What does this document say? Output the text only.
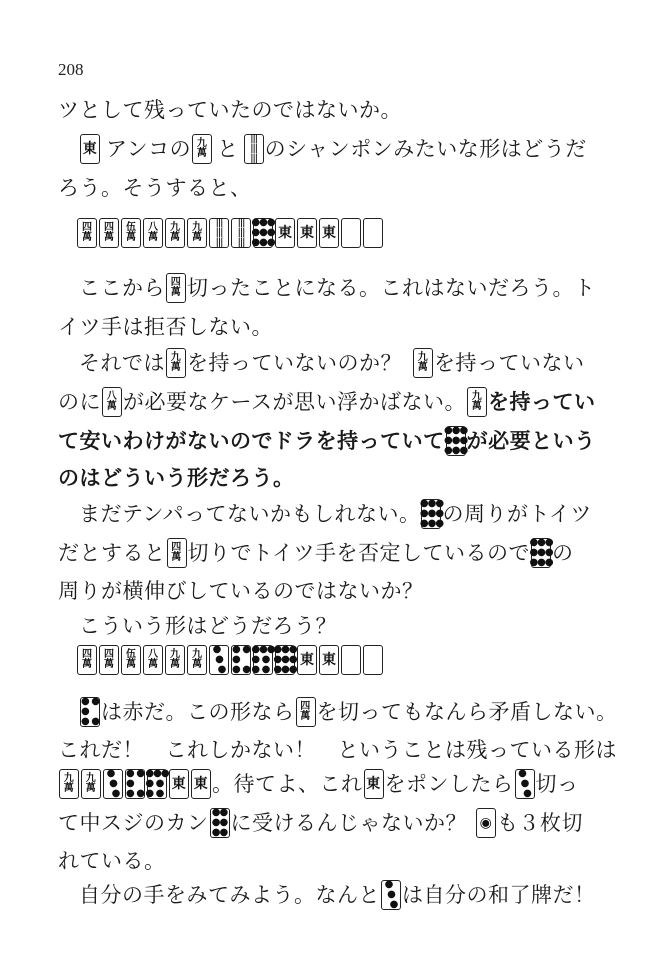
208
ツとして残っていたのではないか。
東 アンコの 九
萬 と |||
|||
||| のシャンポンみたいな形はどうだ
ろう。そうすると、
四
萬
四
萬
伍
萬
八
萬
九
萬
九
萬
|||
|||
|||
|||
|||
|||
●●●
●●●
●●●
東 東 東
ここから 四
萬 切ったことになる。これはないだろう。ト
イツ手は拒否しない。
それでは 九
萬 を持っていないのか？ 九
萬 を持っていない
のに 八
萬 が必要なケースが思い浮かばない。 九
萬 を持ってい
て安いわけがないのでドラを持っていて ●●●
●●●
●●● が必要という
のはどういう形だろう。
まだテンパってないかもしれない。 ●●●
●●●
●●● の周りがトイツ
だとすると 四
萬 切りでトイツ手を否定しているので ●●●
●●●
●●● の
周りが横伸びしているのではないか？
こういう形はどうだろう？
四
萬
四
萬
伍
萬
八
萬
九
萬
九
萬
●
●
●
● ●
●
● ●
●●●
● ●
● ●
●●●
●●●
●●●
東 東
● ●
●
● ● は赤だ。この形なら 四
萬 を切ってもなんら矛盾しない。
これだ！　これしかない！　ということは残っている形は
九
萬
九
萬
●
●
●
● ●
●
● ●
●●●
● ●
● ●
東 東 。待てよ、これ 東 をポンしたら ●
●
● 切っ
て中スジのカン ●●
●●
●● に受けるんじゃないか？ ◉ も３枚切
れている。
自分の手をみてみよう。なんと ●
●
● は自分の和了牌だ！
